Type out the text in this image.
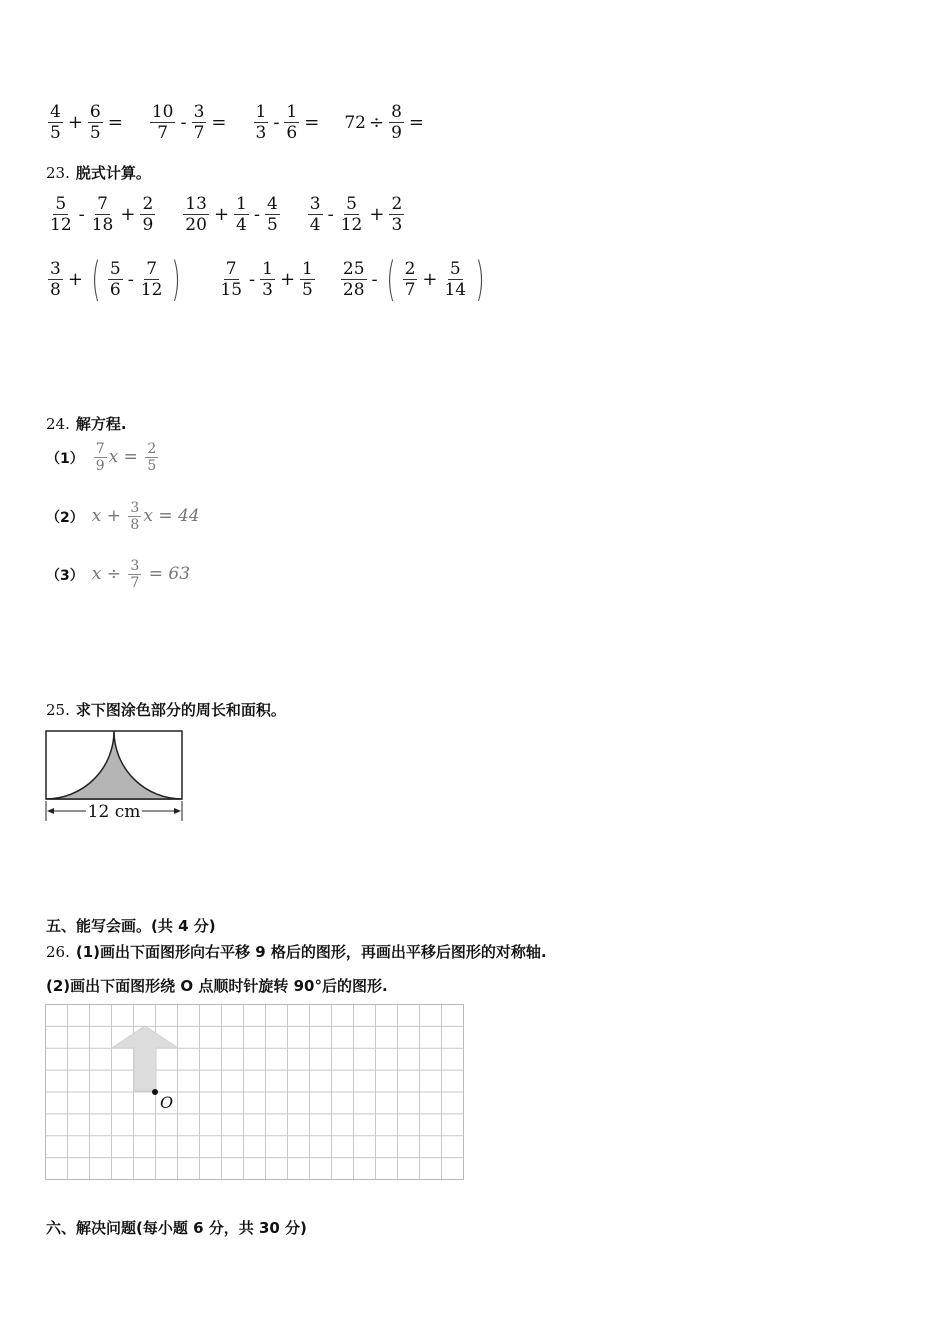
$\frac{4}{5} + \frac{6}{5} = \frac{10}{7} - \frac{3}{7} = \frac{1}{3} - \frac{1}{6} = 72 \div \frac{8}{9}$ =
23. 脱式计算。
$\frac{5}{12} - \frac{7}{18} + \frac{2}{9} \frac{13}{20} + \frac{1}{4} - \frac{4}{5} \frac{3}{4} - \frac{5}{12} + \frac{2}{3}$
$\frac{3}{8}$ + ( $\frac{5}{6} - \frac{7}{12}$ ) $\frac{7}{15} - \frac{1}{3} + \frac{1}{5} \frac{25}{28}$ - ( $\frac{2}{7} + \frac{5}{14}$ )
24. 解方程.
$(1) \frac{7}{9}$ $x = \frac{2}{5}$
（2） $x + \frac{3}{8}$ x = 44
（3） $x \div \frac{3}{7} = 63$
25. 求下图涂色部分的周长和面积。
12 cm
五、能写会画。(共 4 分)
26. (1)画出下面图形向右平移 9 格后的图形，再画出平移后图形的对称轴.
(2)画出下面图形绕 O 点顺时针旋转 90°后的图形.
O
六、解决问题(每小题 6 分，共 30 分)
